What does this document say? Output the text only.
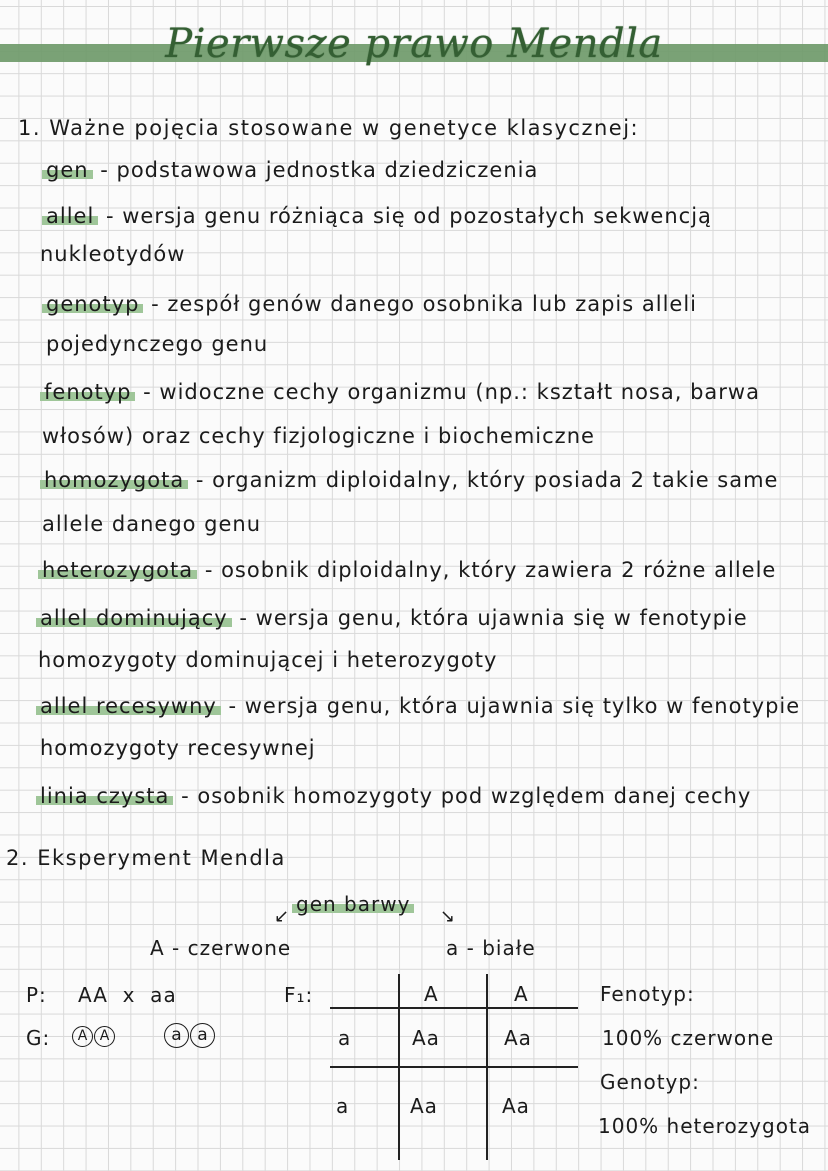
Pierwsze prawo Mendla
1. Ważne pojęcia stosowane w genetyce klasycznej:
gen - podstawowa jednostka dziedziczenia
allel - wersja genu różniąca się od pozostałych sekwencją
nukleotydów
genotyp - zespół genów danego osobnika lub zapis alleli
pojedynczego genu
fenotyp - widoczne cechy organizmu (np.: kształt nosa, barwa
włosów) oraz cechy fizjologiczne i biochemiczne
homozygota - organizm diploidalny, który posiada 2 takie same
allele danego genu
heterozygota - osobnik diploidalny, który zawiera 2 różne allele
allel dominujący - wersja genu, która ujawnia się w fenotypie
homozygoty dominującej i heterozygoty
allel recesywny - wersja genu, która ujawnia się tylko w fenotypie
homozygoty recesywnej
linia czysta - osobnik homozygoty pod względem danej cechy
2. Eksperyment Mendla
gen barwy
↙	↘
A - czerwone	a - białe
P: AA  x  aa
G:	A A	a a
F₁:	A	A
a	Aa	Aa
a	Aa	Aa
Fenotyp:
100% czerwone
Genotyp:
100% heterozygota
